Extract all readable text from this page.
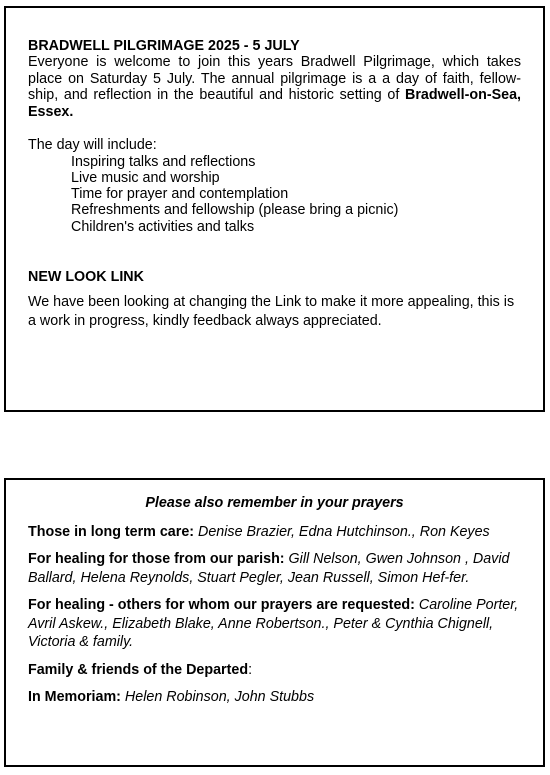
BRADWELL PILGRIMAGE 2025 - 5 JULY

Everyone is welcome to join this years Bradwell Pilgrimage, which takes place on Saturday 5 July. The annual pilgrimage is a a day of faith, fellow-ship, and reflection in the beautiful and historic setting of Bradwell-on-Sea, Essex.

The day will include:

Inspiring talks and reflections
Live music and worship
Time for prayer and contemplation
Refreshments and fellowship (please bring a picnic)
Children's activities and talks

NEW LOOK LINK

We have been looking at changing the Link to make it more appealing, this is a work in progress, kindly feedback always appreciated.

Please also remember in your prayers

Those in long term care: Denise Brazier, Edna Hutchinson., Ron Keyes

For healing for those from our parish: Gill Nelson, Gwen Johnson , David Ballard, Helena Reynolds, Stuart Pegler, Jean Russell, Simon Hef-fer.

For healing - others for whom our prayers are requested: Caroline Porter, Avril Askew., Elizabeth Blake, Anne Robertson., Peter & Cynthia Chignell, Victoria & family.

Family & friends of the Departed:

In Memoriam: Helen Robinson, John Stubbs
